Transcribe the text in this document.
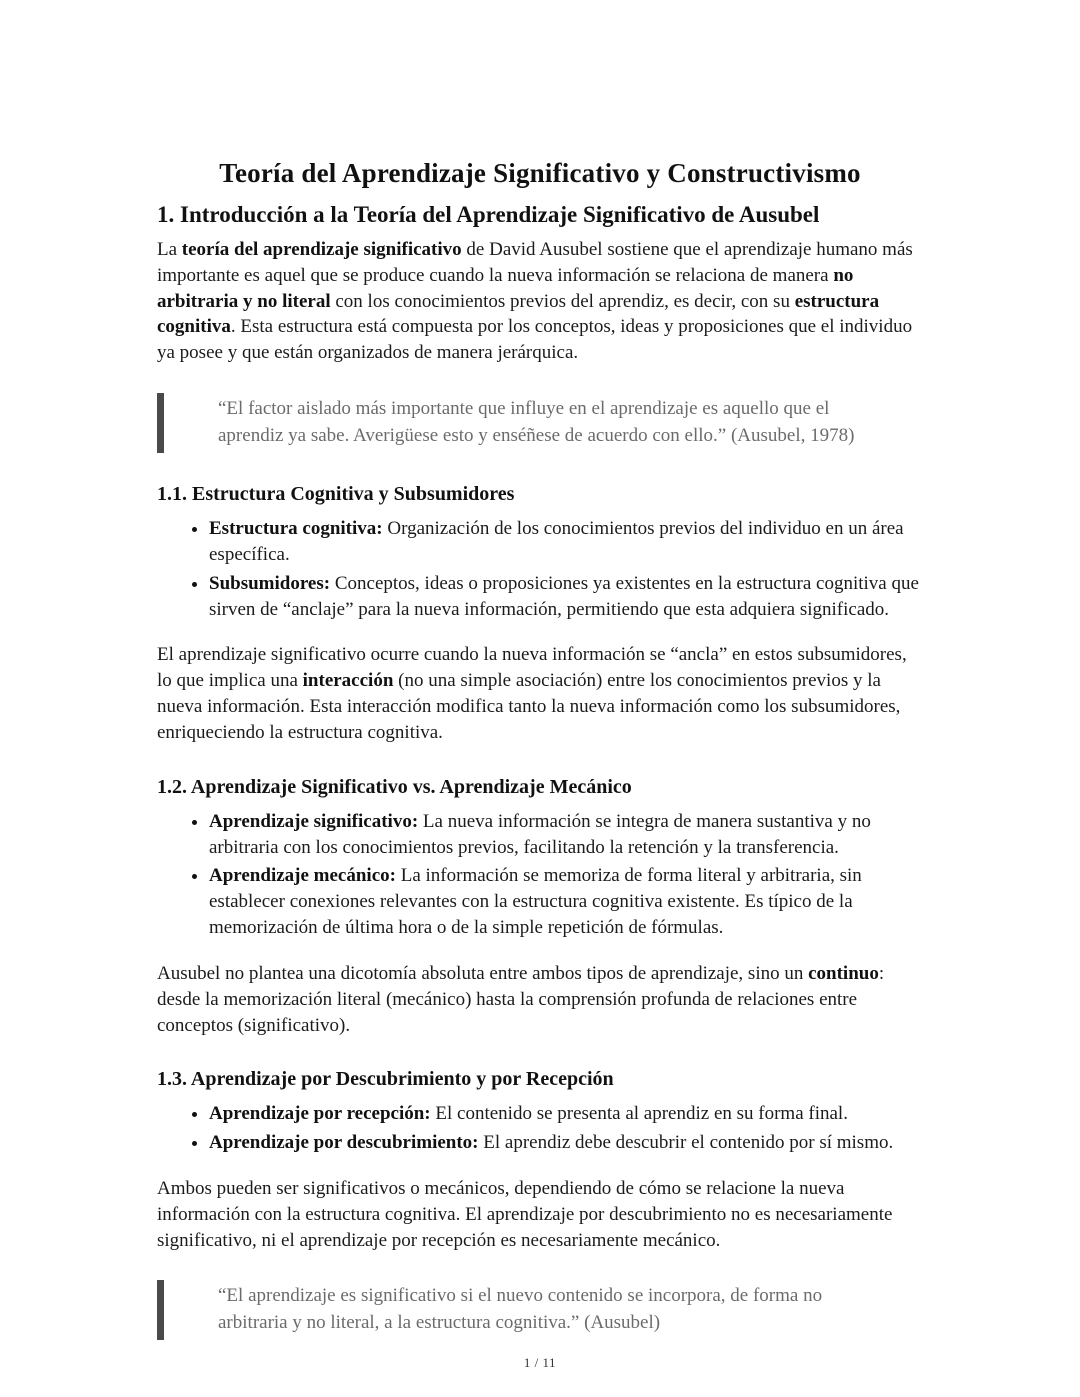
Teoría del Aprendizaje Significativo y Constructivismo
1. Introducción a la Teoría del Aprendizaje Significativo de Ausubel

La teoría del aprendizaje significativo de David Ausubel sostiene que el aprendizaje humano más importante es aquel que se produce cuando la nueva información se relaciona de manera no arbitraria y no literal con los conocimientos previos del aprendiz, es decir, con su estructura cognitiva. Esta estructura está compuesta por los conceptos, ideas y proposiciones que el individuo ya posee y que están organizados de manera jerárquica.

“El factor aislado más importante que influye en el aprendizaje es aquello que el aprendiz ya sabe. Averigüese esto y enséñese de acuerdo con ello.” (Ausubel, 1978)
1.1. Estructura Cognitiva y Subsumidores
• Estructura cognitiva: Organización de los conocimientos previos del individuo en un área específica.
• Subsumidores: Conceptos, ideas o proposiciones ya existentes en la estructura cognitiva que sirven de “anclaje” para la nueva información, permitiendo que esta adquiera significado.

El aprendizaje significativo ocurre cuando la nueva información se “ancla” en estos subsumidores, lo que implica una interacción (no una simple asociación) entre los conocimientos previos y la nueva información. Esta interacción modifica tanto la nueva información como los subsumidores, enriqueciendo la estructura cognitiva.

1.2. Aprendizaje Significativo vs. Aprendizaje Mecánico
• Aprendizaje significativo: La nueva información se integra de manera sustantiva y no arbitraria con los conocimientos previos, facilitando la retención y la transferencia.
• Aprendizaje mecánico: La información se memoriza de forma literal y arbitraria, sin establecer conexiones relevantes con la estructura cognitiva existente. Es típico de la memorización de última hora o de la simple repetición de fórmulas.

Ausubel no plantea una dicotomía absoluta entre ambos tipos de aprendizaje, sino un continuo: desde la memorización literal (mecánico) hasta la comprensión profunda de relaciones entre conceptos (significativo).

1.3. Aprendizaje por Descubrimiento y por Recepción
• Aprendizaje por recepción: El contenido se presenta al aprendiz en su forma final.
• Aprendizaje por descubrimiento: El aprendiz debe descubrir el contenido por sí mismo.

Ambos pueden ser significativos o mecánicos, dependiendo de cómo se relacione la nueva información con la estructura cognitiva. El aprendizaje por descubrimiento no es necesariamente significativo, ni el aprendizaje por recepción es necesariamente mecánico.

“El aprendizaje es significativo si el nuevo contenido se incorpora, de forma no arbitraria y no literal, a la estructura cognitiva.” (Ausubel)
1 / 11
